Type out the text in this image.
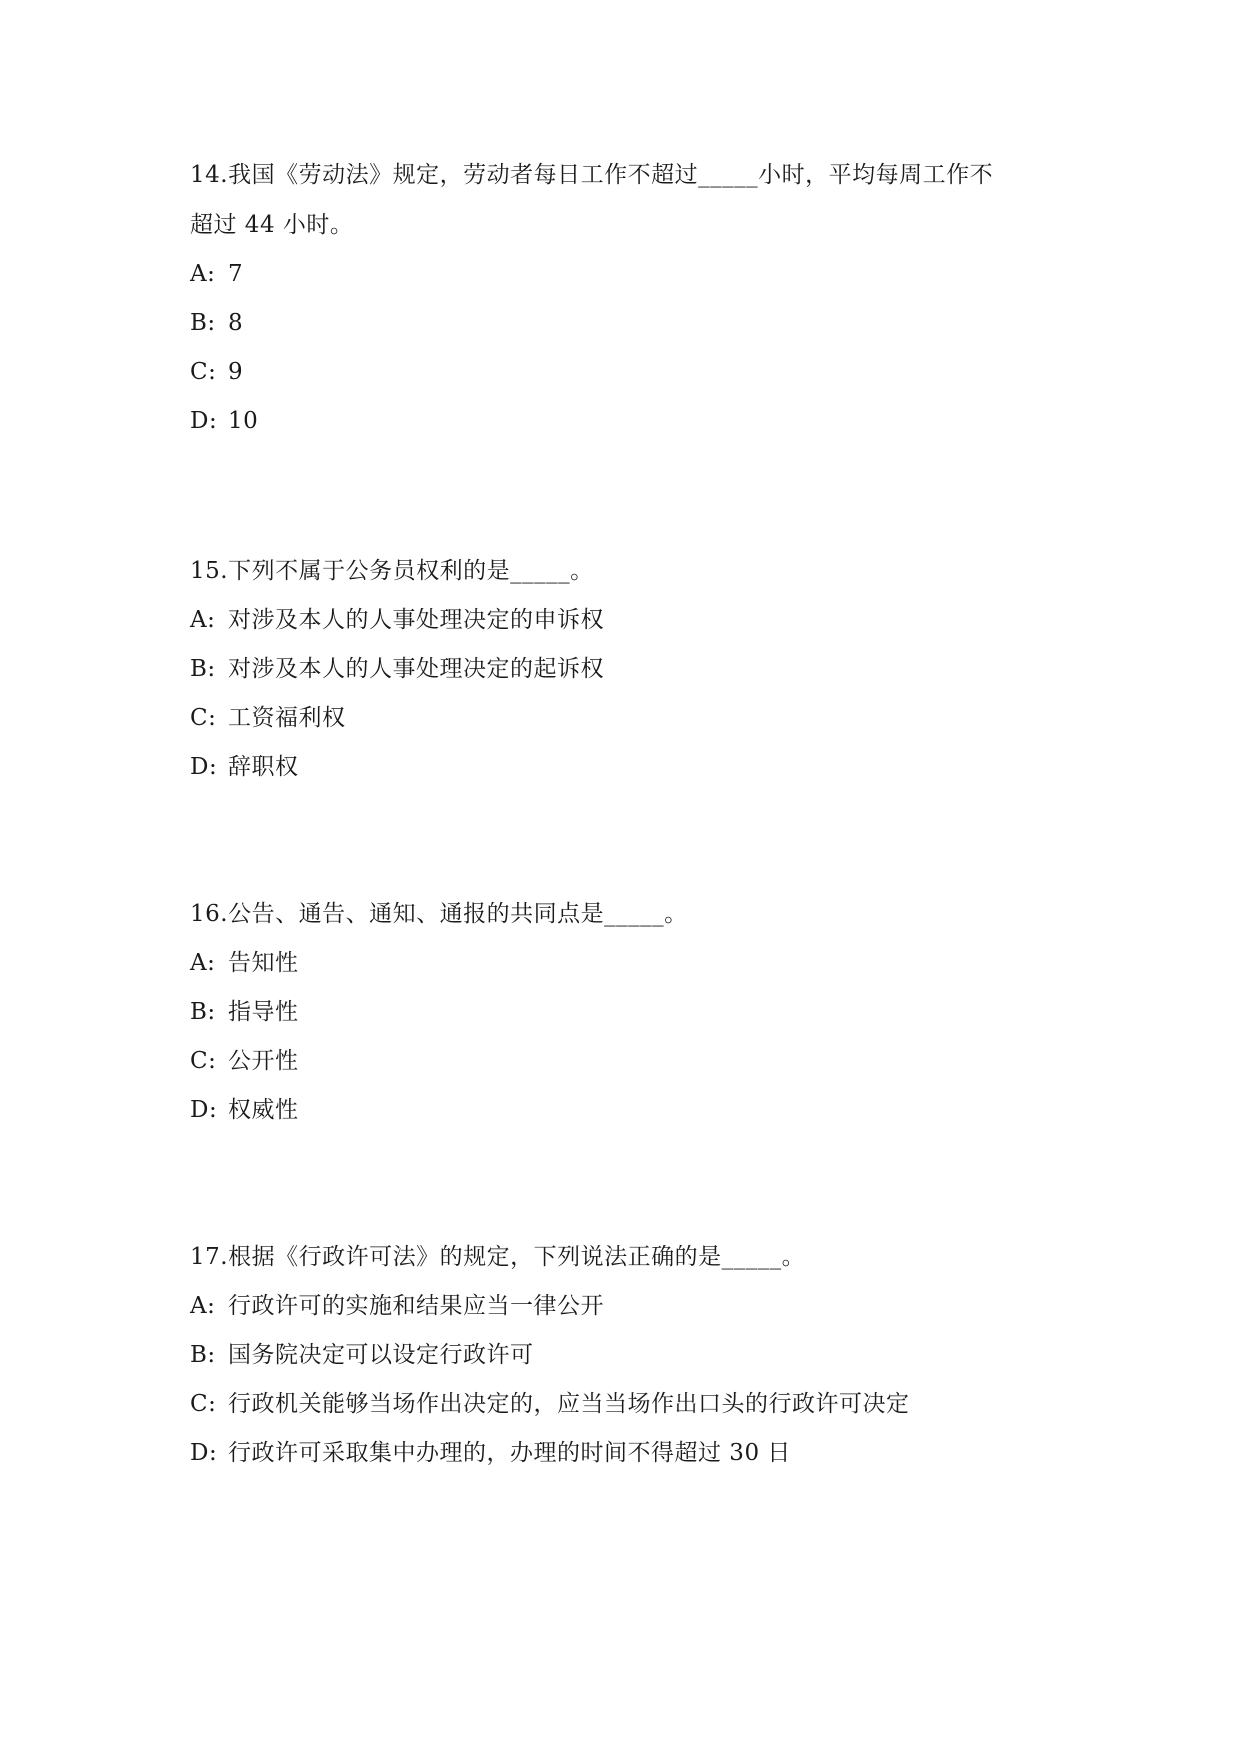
14.我国《劳动法》规定，劳动者每日工作不超过_____小时，平均每周工作不

超过 44 小时。

A: 7

B: 8

C: 9

D: 10

15.下列不属于公务员权利的是_____。

A: 对涉及本人的人事处理决定的申诉权

B: 对涉及本人的人事处理决定的起诉权

C: 工资福利权

D: 辞职权

16.公告、通告、通知、通报的共同点是_____。

A: 告知性

B: 指导性

C: 公开性

D: 权威性

17.根据《行政许可法》的规定，下列说法正确的是_____。

A: 行政许可的实施和结果应当一律公开

B: 国务院决定可以设定行政许可

C: 行政机关能够当场作出决定的，应当当场作出口头的行政许可决定

D: 行政许可采取集中办理的，办理的时间不得超过 30 日
